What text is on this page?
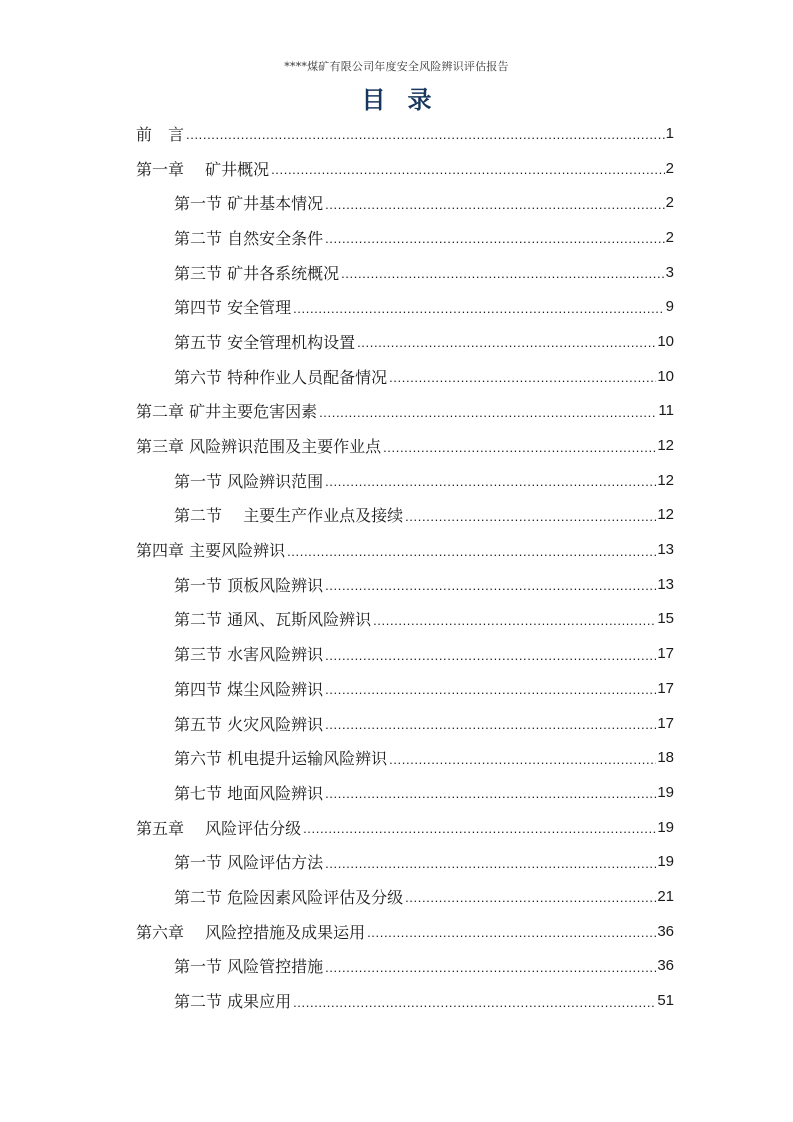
****煤矿有限公司年度安全风险辨识评估报告
目录
前　言 .....	1
第一章　 矿井概况 .....	2
第一节 矿井基本情况 .....	2
第二节 自然安全条件 .....	2
第三节 矿井各系统概况 .....	3
第四节 安全管理 .....	9
第五节 安全管理机构设置 .....	10
第六节 特种作业人员配备情况 .....	10
第二章 矿井主要危害因素 .....	11
第三章 风险辨识范围及主要作业点 .....	12
第一节 风险辨识范围 .....	12
第二节 　主要生产作业点及接续 .....	12
第四章 主要风险辨识 .....	13
第一节 顶板风险辨识 .....	13
第二节 通风、瓦斯风险辨识 .....	15
第三节 水害风险辨识 .....	17
第四节 煤尘风险辨识 .....	17
第五节 火灾风险辨识 .....	17
第六节 机电提升运输风险辨识 .....	18
第七节 地面风险辨识 .....	19
第五章　 风险评估分级 .....	19
第一节 风险评估方法 .....	19
第二节 危险因素风险评估及分级 .....	21
第六章　 风险控措施及成果运用 .....	36
第一节 风险管控措施 .....	36
第二节 成果应用 .....	51
